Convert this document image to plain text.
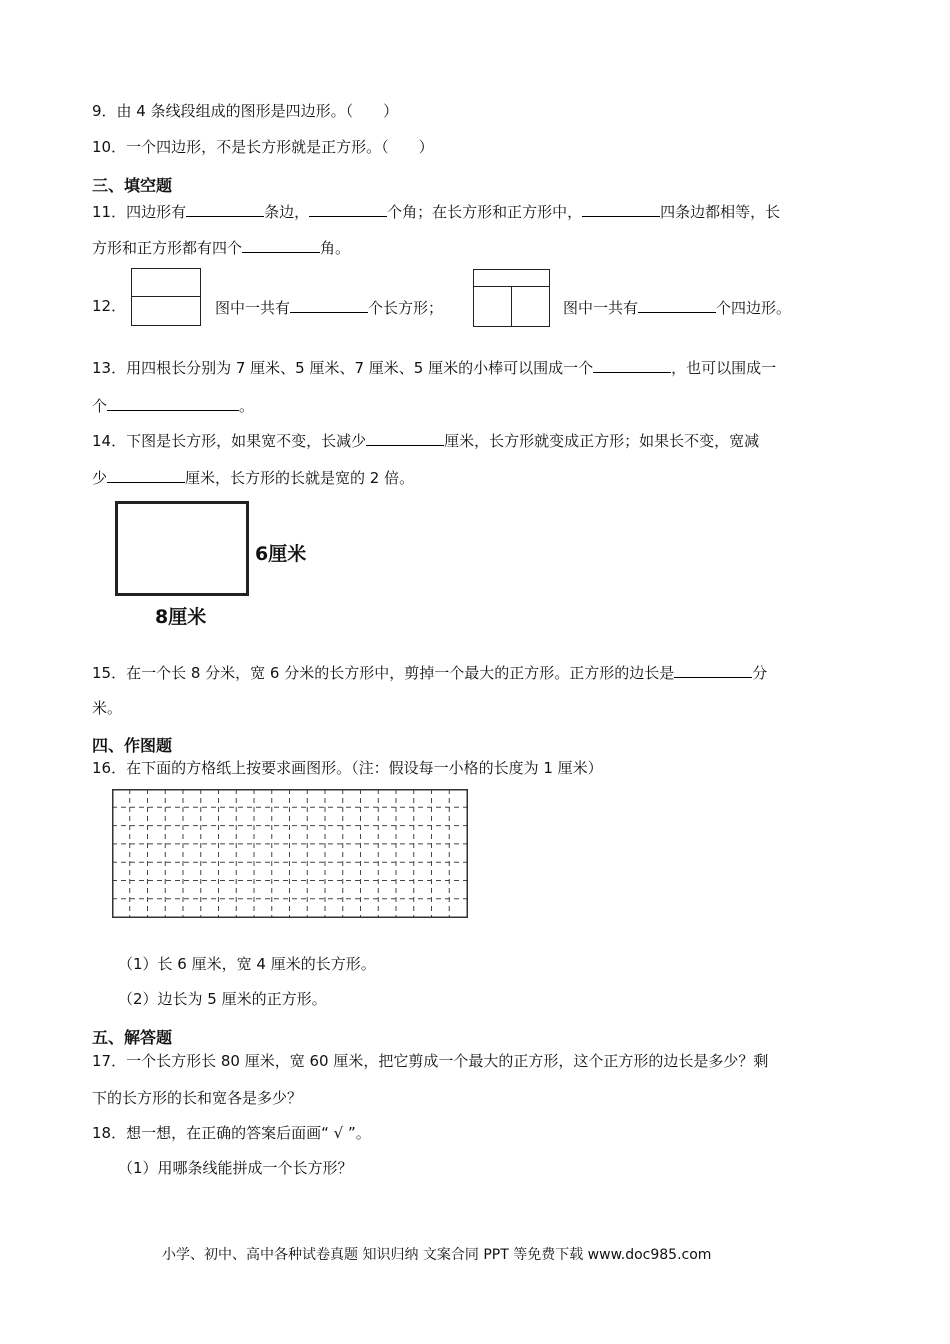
9．由 4 条线段组成的图形是四边形。（　　）
10．一个四边形，不是长方形就是正方形。（　　）
三、填空题
11．四边形有	条边，	个角；在长方形和正方形中，	四条边都相等，长
方形和正方形都有四个	角。
12．	图中一共有	个长方形；	图中一共有	个四边形。
13．用四根长分别为 7 厘米、5 厘米、7 厘米、5 厘米的小棒可以围成一个	，也可以围成一
个	。
14．下图是长方形，如果宽不变，长减少	厘米，长方形就变成正方形；如果长不变，宽减
少	厘米，长方形的长就是宽的 2 倍。
6厘米
8厘米
15．在一个长 8 分米，宽 6 分米的长方形中，剪掉一个最大的正方形。正方形的边长是	分
米。
四、作图题
16．在下面的方格纸上按要求画图形。（注：假设每一小格的长度为 1 厘米）
（1）长 6 厘米，宽 4 厘米的长方形。
（2）边长为 5 厘米的正方形。
五、解答题
17．一个长方形长 80 厘米，宽 60 厘米，把它剪成一个最大的正方形，这个正方形的边长是多少？剩
下的长方形的长和宽各是多少？
18．想一想，在正确的答案后面画“ √ ”。
（1）用哪条线能拼成一个长方形？
小学、初中、高中各种试卷真题 知识归纳 文案合同 PPT 等免费下载 www.doc985.com
